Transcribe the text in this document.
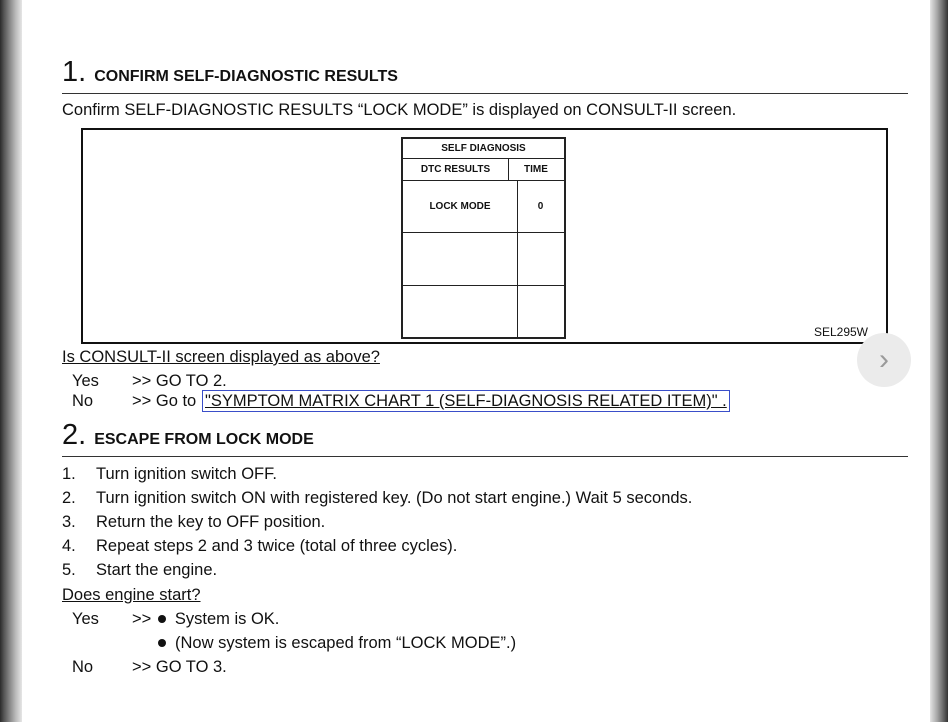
1. CONFIRM SELF-DIAGNOSTIC RESULTS
Confirm SELF-DIAGNOSTIC RESULTS “LOCK MODE” is displayed on CONSULT-II screen.
SELF DIAGNOSIS
DTC RESULTS	TIME
LOCK MODE	0
SEL295W
Is CONSULT-II screen displayed as above?
Yes >> GO TO 2.
No >> Go to "SYMPTOM MATRIX CHART 1 (SELF-DIAGNOSIS RELATED ITEM)" .
2. ESCAPE FROM LOCK MODE
1. Turn ignition switch OFF.
2. Turn ignition switch ON with registered key. (Do not start engine.) Wait 5 seconds.
3. Return the key to OFF position.
4. Repeat steps 2 and 3 twice (total of three cycles).
5. Start the engine.
Does engine start?
Yes >> System is OK.
(Now system is escaped from “LOCK MODE”.)
No >> GO TO 3.
›
